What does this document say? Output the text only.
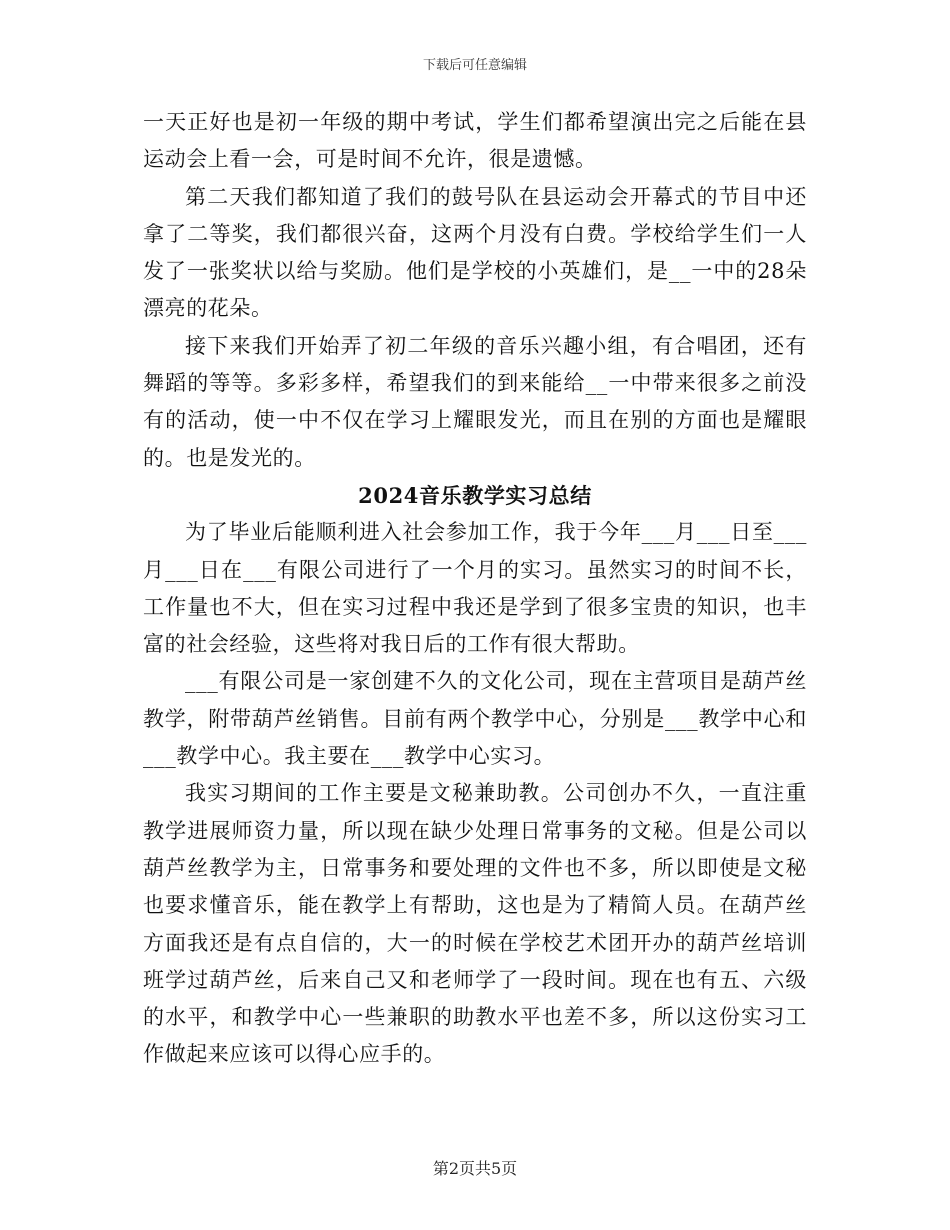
下载后可任意编辑

一天正好也是初一年级的期中考试，学生们都希望演出完之后能在县运动会上看一会，可是时间不允许，很是遗憾。

第二天我们都知道了我们的鼓号队在县运动会开幕式的节目中还拿了二等奖，我们都很兴奋，这两个月没有白费。学校给学生们一人发了一张奖状以给与奖励。他们是学校的小英雄们，是__一中的28朵漂亮的花朵。

接下来我们开始弄了初二年级的音乐兴趣小组，有合唱团，还有舞蹈的等等。多彩多样，希望我们的到来能给__一中带来很多之前没有的活动，使一中不仅在学习上耀眼发光，而且在别的方面也是耀眼的。也是发光的。

2024音乐教学实习总结

为了毕业后能顺利进入社会参加工作，我于今年___月___日至___月___日在___有限公司进行了一个月的实习。虽然实习的时间不长，工作量也不大，但在实习过程中我还是学到了很多宝贵的知识，也丰富的社会经验，这些将对我日后的工作有很大帮助。

___有限公司是一家创建不久的文化公司，现在主营项目是葫芦丝教学，附带葫芦丝销售。目前有两个教学中心，分别是___教学中心和___教学中心。我主要在___教学中心实习。

我实习期间的工作主要是文秘兼助教。公司创办不久，一直注重教学进展师资力量，所以现在缺少处理日常事务的文秘。但是公司以葫芦丝教学为主，日常事务和要处理的文件也不多，所以即使是文秘也要求懂音乐，能在教学上有帮助，这也是为了精简人员。在葫芦丝方面我还是有点自信的，大一的时候在学校艺术团开办的葫芦丝培训班学过葫芦丝，后来自己又和老师学了一段时间。现在也有五、六级的水平，和教学中心一些兼职的助教水平也差不多，所以这份实习工作做起来应该可以得心应手的。

第2页共5页
